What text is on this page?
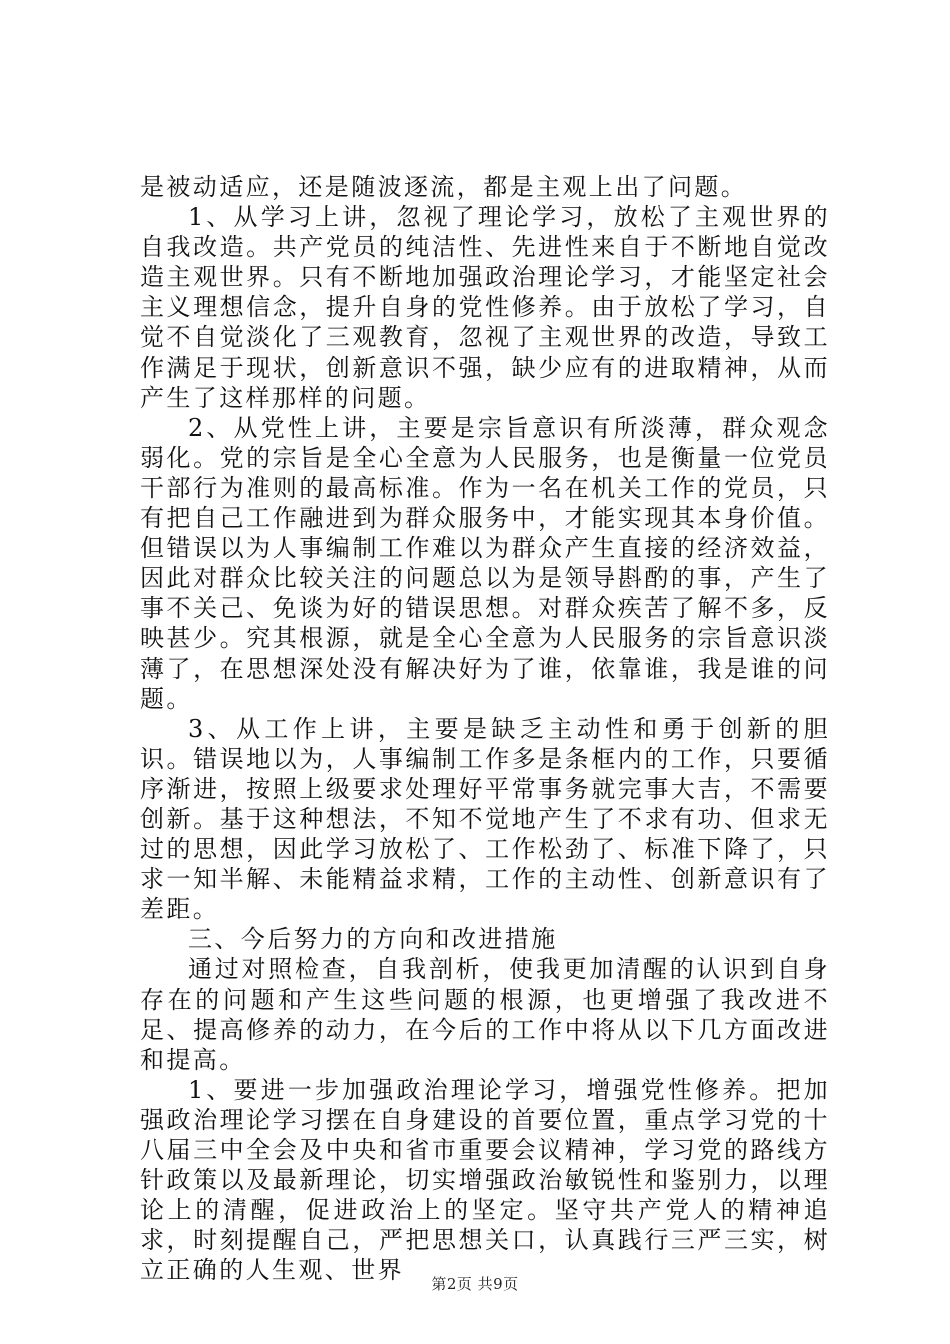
是被动适应，还是随波逐流，都是主观上出了问题。

1、从学习上讲，忽视了理论学习，放松了主观世界的自我改造。共产党员的纯洁性、先进性来自于不断地自觉改造主观世界。只有不断地加强政治理论学习，才能坚定社会主义理想信念，提升自身的党性修养。由于放松了学习，自觉不自觉淡化了三观教育，忽视了主观世界的改造，导致工作满足于现状，创新意识不强，缺少应有的进取精神，从而产生了这样那样的问题。

2、从党性上讲，主要是宗旨意识有所淡薄，群众观念弱化。党的宗旨是全心全意为人民服务，也是衡量一位党员干部行为准则的最高标准。作为一名在机关工作的党员，只有把自己工作融进到为群众服务中，才能实现其本身价值。但错误以为人事编制工作难以为群众产生直接的经济效益，因此对群众比较关注的问题总以为是领导斟酌的事，产生了事不关己、免谈为好的错误思想。对群众疾苦了解不多，反映甚少。究其根源，就是全心全意为人民服务的宗旨意识淡薄了，在思想深处没有解决好为了谁，依靠谁，我是谁的问题。

3、从工作上讲，主要是缺乏主动性和勇于创新的胆识。错误地以为，人事编制工作多是条框内的工作，只要循序渐进，按照上级要求处理好平常事务就完事大吉，不需要创新。基于这种想法，不知不觉地产生了不求有功、但求无过的思想，因此学习放松了、工作松劲了、标准下降了，只求一知半解、未能精益求精，工作的主动性、创新意识有了差距。

三、今后努力的方向和改进措施

通过对照检查，自我剖析，使我更加清醒的认识到自身存在的问题和产生这些问题的根源，也更增强了我改进不足、提高修养的动力，在今后的工作中将从以下几方面改进和提高。

1、要进一步加强政治理论学习，增强党性修养。把加强政治理论学习摆在自身建设的首要位置，重点学习党的十八届三中全会及中央和省市重要会议精神，学习党的路线方针政策以及最新理论，切实增强政治敏锐性和鉴别力，以理论上的清醒，促进政治上的坚定。坚守共产党人的精神追求，时刻提醒自己，严把思想关口，认真践行三严三实，树立正确的人生观、世界	第2页 共9页
